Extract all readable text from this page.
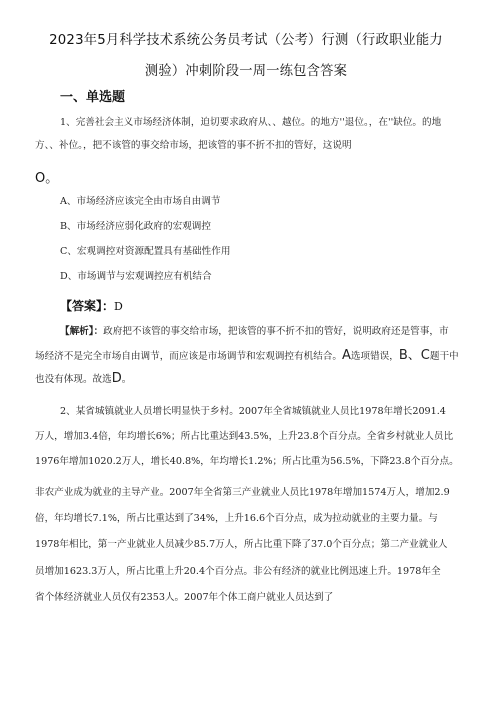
2023年5月科学技术系统公务员考试（公考）行测（行政职业能力
测验）冲刺阶段一周一练包含答案
一、单选题
1、完善社会主义市场经济体制，迫切要求政府从、、越位。的地方''退位。，在''缺位。的地
方、、补位。，把不该管的事交给市场，把该管的事不折不扣的管好，这说明
O。
A、市场经济应该完全由市场自由调节
B、市场经济应弱化政府的宏观调控
C、宏观调控对资源配置具有基础性作用
D、市场调节与宏观调控应有机结合
【答案】：D
【解析】：政府把不该管的事交给市场，把该管的事不折不扣的管好，说明政府还是管事，市
场经济不是完全市场自由调节，而应该是市场调节和宏观调控有机结合。A选项错误，B、C题干中
也没有体现。故选D。
2、某省城镇就业人员增长明显快于乡村。2007年全省城镇就业人员比1978年增长2091.4
万人，增加3.4倍，年均增长6%；所占比重达到43.5%，上升23.8个百分点。全省乡村就业人员比
1976年增加1020.2万人，增长40.8%，年均增长1.2%；所占比重为56.5%，下降23.8个百分点。
非农产业成为就业的主导产业。2007年全省第三产业就业人员比1978年增加1574万人，增加2.9
倍，年均增长7.1%，所占比重达到了34%，上升16.6个百分点，成为拉动就业的主要力量。与
1978年相比，第一产业就业人员减少85.7万人，所占比重下降了37.0个百分点；第二产业就业人
员增加1623.3万人，所占比重上升20.4个百分点。非公有经济的就业比例迅速上升。1978年全
省个体经济就业人员仅有2353人。2007年个体工商户就业人员达到了
